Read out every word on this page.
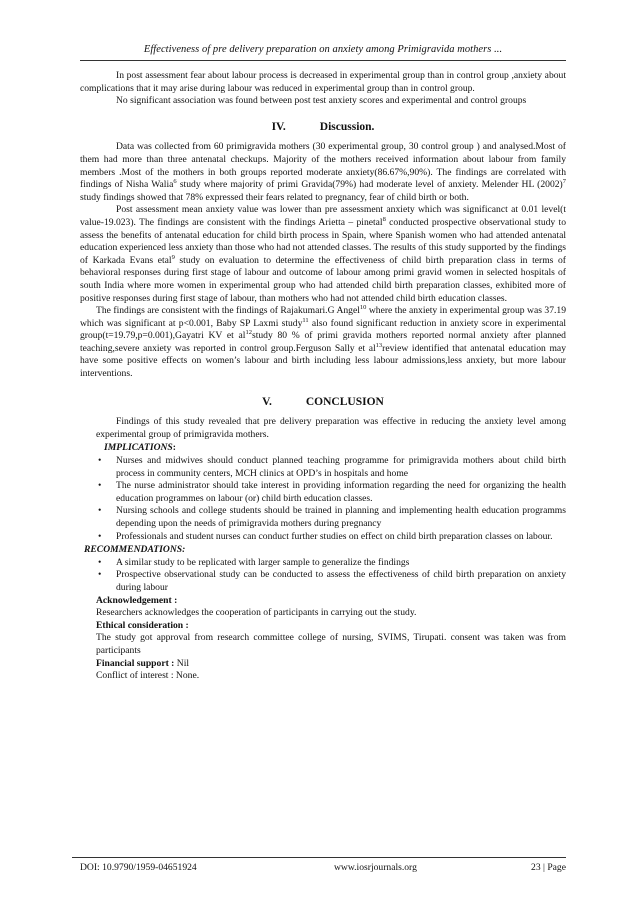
Effectiveness of pre delivery preparation on anxiety among Primigravida mothers ...

In post assessment fear about labour process is decreased in experimental group than in control group ,anxiety about complications that it may arise during labour was reduced in experimental group than in control group.

No significant association was found between post test anxiety scores and experimental and control groups

IV.	Discussion.

Data was collected from 60 primigravida mothers (30 experimental group, 30 control group ) and analysed.Most of them had more than three antenatal checkups. Majority of the mothers received information about labour from family members .Most of the mothers in both groups reported moderate anxiety(86.67%,90%). The findings are correlated with findings of Nisha Walia$^6$ study where majority of primi Gravida(79%) had moderate level of anxiety. Melender HL $(2002)^7$ study findings showed that 78% expressed their fears related to pregnancy, fear of child birth or both.

Post assessment mean anxiety value was lower than pre assessment anxiety which was significanct at 0.01 level(t value-19.023). The findings are consistent with the findings Arietta – pinetal$^8$ conducted prospective observational study to assess the benefits of antenatal education for child birth process in Spain, where Spanish women who had attended antenatal education experienced less anxiety than those who had not attended classes. The results of this study supported by the findings of Karkada Evans etal$^9$ study on evaluation to determine the effectiveness of child birth preparation class in terms of behavioral responses during first stage of labour and outcome of labour among primi gravid women in selected hospitals of south India where more women in experimental group who had attended child birth preparation classes, exhibited more of positive responses during first stage of labour, than mothers who had not attended child birth education classes.

The findings are consistent with the findings of Rajakumari.G Angel$^{10}$ where the anxiety in experimental group was 37.19 which was significant at p<0.001, Baby SP Laxmi study$^{11}$ also found significant reduction in anxiety score in experimental group(t=19.79,p=0.001),Gayatri KV et $al^{12}study$ 80 % of primi gravida mothers reported normal anxiety after planned teaching,severe anxiety was reported in control group.Ferguson Sally et $al^{13}review$ identified that antenatal education may have some positive effects on women’s labour and birth including less labour admissions,less anxiety, but more labour interventions.

V.	CONCLUSION

Findings of this study revealed that pre delivery preparation was effective in reducing the anxiety level among experimental group of primigravida mothers.

IMPLICATIONS:
• Nurses and midwives should conduct planned teaching programme for primigravida mothers about child birth process in community centers, MCH clinics at OPD’s in hospitals and home
• The nurse administrator should take interest in providing information regarding the need for organizing the health education programmes on labour (or) child birth education classes.
• Nursing schools and college students should be trained in planning and implementing health education programms depending upon the needs of primigravida mothers during pregnancy
• Professionals and student nurses can conduct further studies on effect on child birth preparation classes on labour.
RECOMMENDATIONS:
• A similar study to be replicated with larger sample to generalize the findings
• Prospective observational study can be conducted to assess the effectiveness of child birth preparation on anxiety during labour
Acknowledgement :

Researchers acknowledges the cooperation of participants in carrying out the study.

Ethical consideration :

The study got approval from research committee college of nursing, SVIMS, Tirupati. consent was taken was from participants

Financial support : Nil

Conflict of interest : None.

DOI: 10.9790/1959-04651924	www.iosrjournals.org	23 | Page
